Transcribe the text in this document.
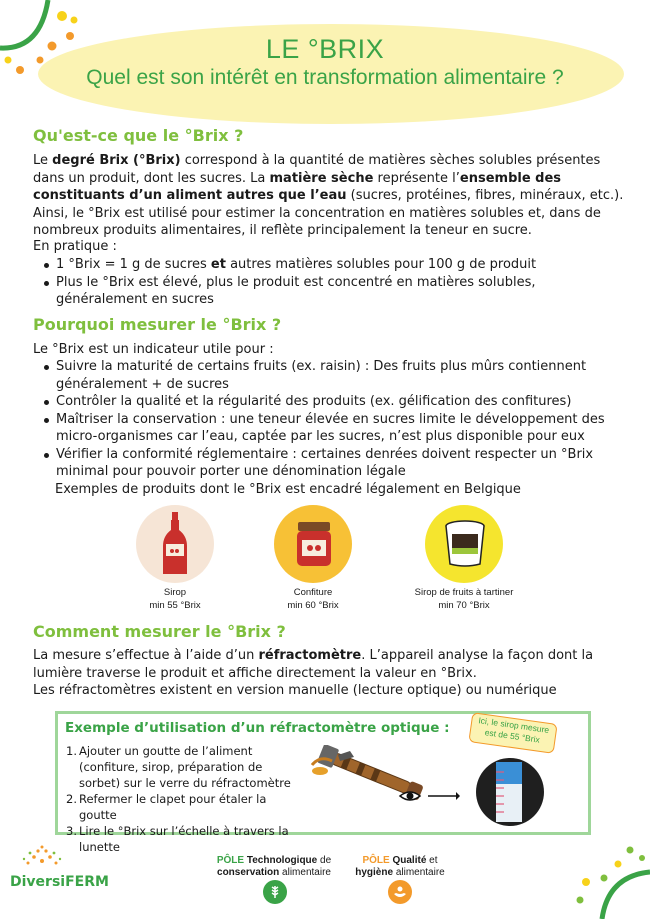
LE °BRIX
Quel est son intérêt en transformation alimentaire ?
Qu'est-ce que le °Brix ?

Le degré Brix (°Brix) correspond à la quantité de matières sèches solubles présentes dans un produit, dont les sucres. La matière sèche représente l’ensemble des constituants d’un aliment autres que l’eau (sucres, protéines, fibres, minéraux, etc.). Ainsi, le °Brix est utilisé pour estimer la concentration en matières solubles et, dans de nombreux produits alimentaires, il reflète principalement la teneur en sucre.

En pratique :

1 °Brix = 1 g de sucres et autres matières solubles pour 100 g de produit
Plus le °Brix est élevé, plus le produit est concentré en matières solubles, généralement en sucres
Pourquoi mesurer le °Brix ?

Le °Brix est un indicateur utile pour :

Suivre la maturité de certains fruits (ex. raisin) : Des fruits plus mûrs contiennent généralement + de sucres
Contrôler la qualité et la régularité des produits (ex. gélification des confitures)
Maîtriser la conservation : une teneur élevée en sucres limite le développement des micro-organismes car l’eau, captée par les sucres, n’est plus disponible pour eux
Vérifier la conformité réglementaire : certaines denrées doivent respecter un °Brix minimal pour pouvoir porter une dénomination légale

Exemples de produits dont le °Brix est encadré légalement en Belgique

Sirop
min 55 °Brix
Confiture
min 60 °Brix
Sirop de fruits à tartiner
min 70 °Brix
Comment mesurer le °Brix ?

La mesure s’effectue à l’aide d’un réfractomètre. L’appareil analyse la façon dont la lumière traverse le produit et affiche directement la valeur en °Brix.

Les réfractomètres existent en version manuelle (lecture optique) ou numérique

Exemple d’utilisation d’un réfractomètre optique :
1. Ajouter un goutte de l’aliment (confiture, sirop, préparation de sorbet) sur le verre du réfractomètre
2. Refermer le clapet pour étaler la goutte
3. Lire le °Brix sur l’échelle à travers la lunette
Ici, le sirop mesure est de 55 °Brix
DiversiFERM
PÔLE Technologique de
conservation alimentaire
PÔLE Qualité et
hygiène alimentaire
